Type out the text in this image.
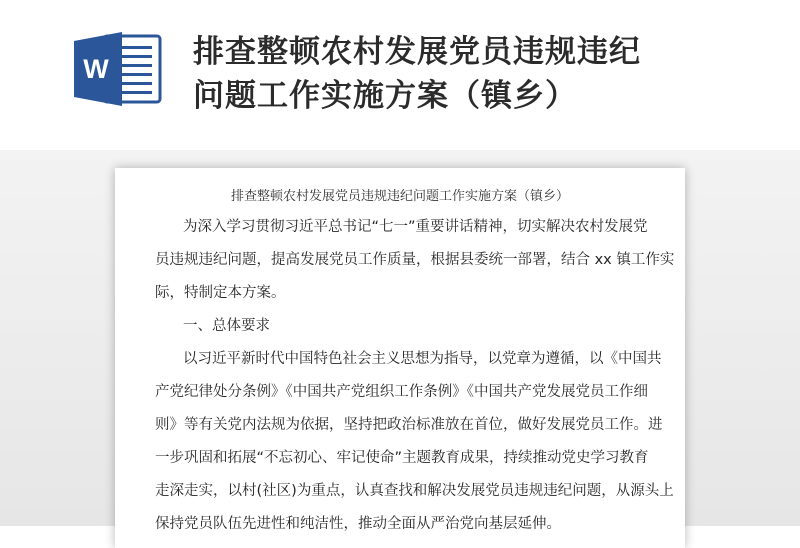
W	排查整顿农村发展党员违规违纪
问题工作实施方案（镇乡）
排查整顿农村发展党员违规违纪问题工作实施方案（镇乡）
为深入学习贯彻习近平总书记“七一”重要讲话精神，切实解决农村发展党
员违规违纪问题，提高发展党员工作质量，根据县委统一部署，结合 xx 镇工作实
际，特制定本方案。
一、总体要求
以习近平新时代中国特色社会主义思想为指导，以党章为遵循，以《中国共
产党纪律处分条例》《中国共产党组织工作条例》《中国共产党发展党员工作细
则》等有关党内法规为依据，坚持把政治标准放在首位，做好发展党员工作。进
一步巩固和拓展“不忘初心、牢记使命”主题教育成果，持续推动党史学习教育
走深走实，以村(社区)为重点，认真查找和解决发展党员违规违纪问题，从源头上
保持党员队伍先进性和纯洁性，推动全面从严治党向基层延伸。
